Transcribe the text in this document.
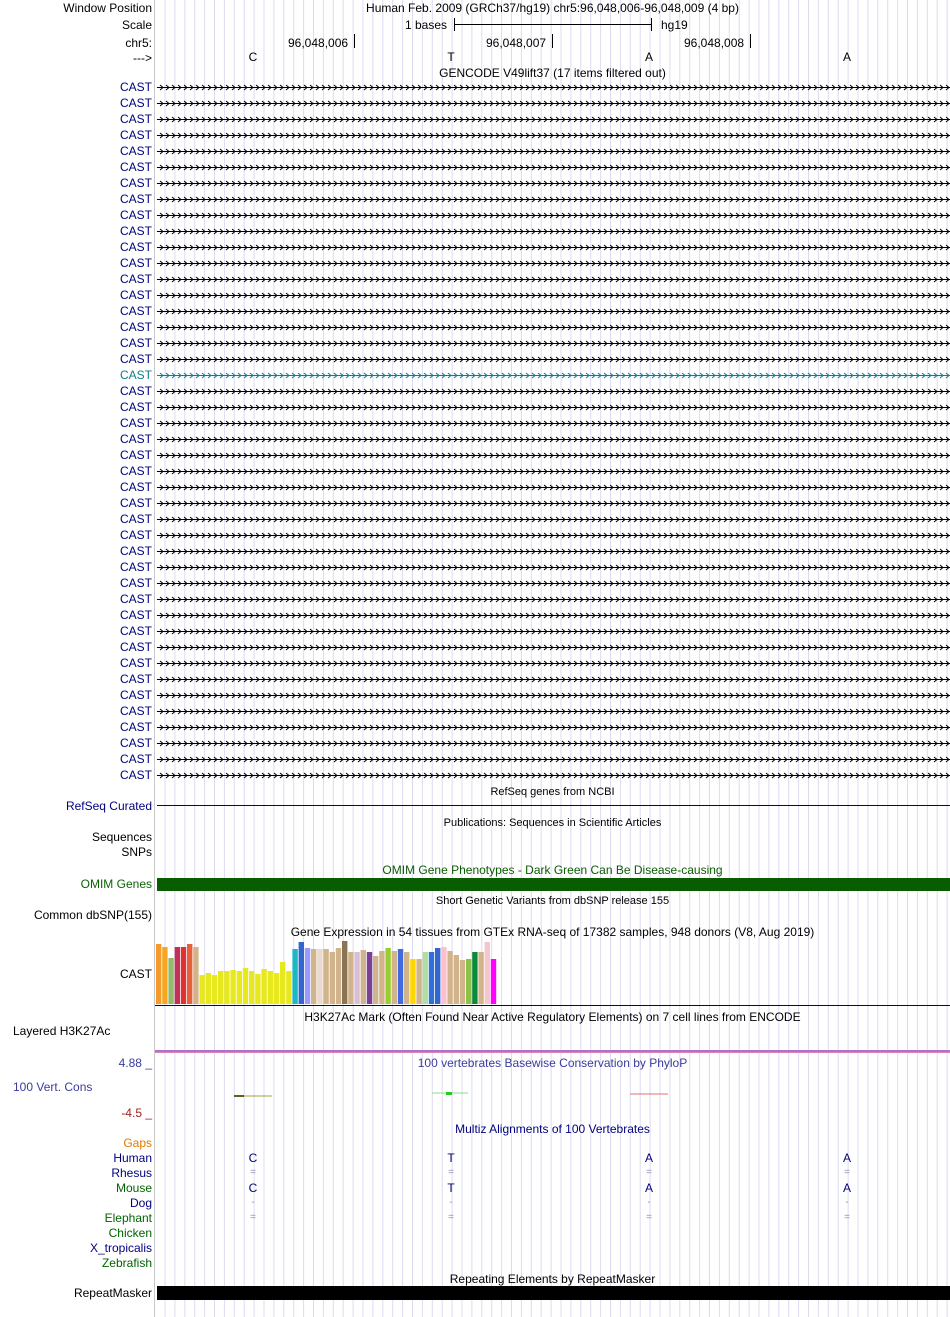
Window Position	Human Feb. 2009 (GRCh37/hg19) chr5:96,048,006-96,048,009 (4 bp)
Scale	1 bases	hg19
chr5:	96,048,006	96,048,007	96,048,008
--->	C	T	A	A
GENCODE V49lift37 (17 items filtered out)
CAST
CAST
CAST
CAST
CAST
CAST
CAST
CAST
CAST
CAST
CAST
CAST
CAST
CAST
CAST
CAST
CAST
CAST
CAST
CAST
CAST
CAST
CAST
CAST
CAST
CAST
CAST
CAST
CAST
CAST
CAST
CAST
CAST
CAST
CAST
CAST
CAST
CAST
CAST
CAST
CAST
CAST
CAST
CAST
RefSeq genes from NCBI
RefSeq Curated
Publications: Sequences in Scientific Articles
Sequences
SNPs
OMIM Gene Phenotypes - Dark Green Can Be Disease-causing
OMIM Genes
Short Genetic Variants from dbSNP release 155
Common dbSNP(155)
Gene Expression in 54 tissues from GTEx RNA-seq of 17382 samples, 948 donors (V8, Aug 2019)
CAST
H3K27Ac Mark (Often Found Near Active Regulatory Elements) on 7 cell lines from ENCODE
Layered H3K27Ac
100 vertebrates Basewise Conservation by PhyloP
4.88 _
100 Vert. Cons
-4.5 _
Multiz Alignments of 100 Vertebrates
Gaps
Human	C	T	A	A
Rhesus	=	=	=	=
Mouse	C	T	A	A
Dog	-	-	-	-
Elephant	=	=	=	=
Chicken
X_tropicalis
Zebrafish
Repeating Elements by RepeatMasker
RepeatMasker
